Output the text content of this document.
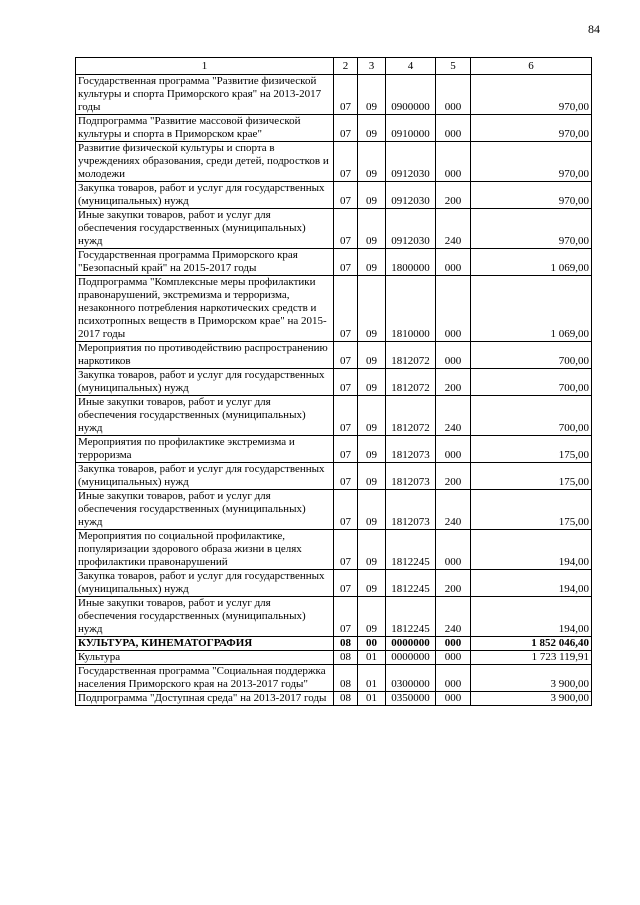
84
1	2	3	4	5	6
Государственная программа "Развитие физической культуры и спорта Приморского края" на 2013-2017 годы	07	09	0900000	000	970,00
Подпрограмма "Развитие массовой физической культуры и спорта в Приморском крае"	07	09	0910000	000	970,00
Развитие физической культуры и спорта в учреждениях образования, среди детей, подростков и молодежи	07	09	0912030	000	970,00
Закупка товаров, работ и услуг для государственных (муниципальных) нужд	07	09	0912030	200	970,00
Иные закупки товаров, работ и услуг для обеспечения государственных (муниципальных) нужд	07	09	0912030	240	970,00
Государственная программа Приморского края "Безопасный край" на 2015-2017 годы	07	09	1800000	000	1 069,00
Подпрограмма "Комплексные меры профилактики правонарушений, экстремизма и терроризма, незаконного потребления наркотических средств и психотропных веществ в Приморском крае" на 2015-2017 годы	07	09	1810000	000	1 069,00
Мероприятия по противодействию распространению наркотиков	07	09	1812072	000	700,00
Закупка товаров, работ и услуг для государственных (муниципальных) нужд	07	09	1812072	200	700,00
Иные закупки товаров, работ и услуг для обеспечения государственных (муниципальных) нужд	07	09	1812072	240	700,00
Мероприятия по профилактике экстремизма и терроризма	07	09	1812073	000	175,00
Закупка товаров, работ и услуг для государственных (муниципальных) нужд	07	09	1812073	200	175,00
Иные закупки товаров, работ и услуг для обеспечения государственных (муниципальных) нужд	07	09	1812073	240	175,00
Мероприятия по социальной профилактике, популяризации здорового образа жизни в целях профилактики правонарушений	07	09	1812245	000	194,00
Закупка товаров, работ и услуг для государственных (муниципальных) нужд	07	09	1812245	200	194,00
Иные закупки товаров, работ и услуг для обеспечения государственных (муниципальных) нужд	07	09	1812245	240	194,00
КУЛЬТУРА, КИНЕМАТОГРАФИЯ	08	00	0000000	000	1 852 046,40
Культура	08	01	0000000	000	1 723 119,91
Государственная программа "Социальная поддержка населения Приморского края на 2013-2017 годы"	08	01	0300000	000	3 900,00
Подпрограмма "Доступная среда" на 2013-2017 годы	08	01	0350000	000	3 900,00
